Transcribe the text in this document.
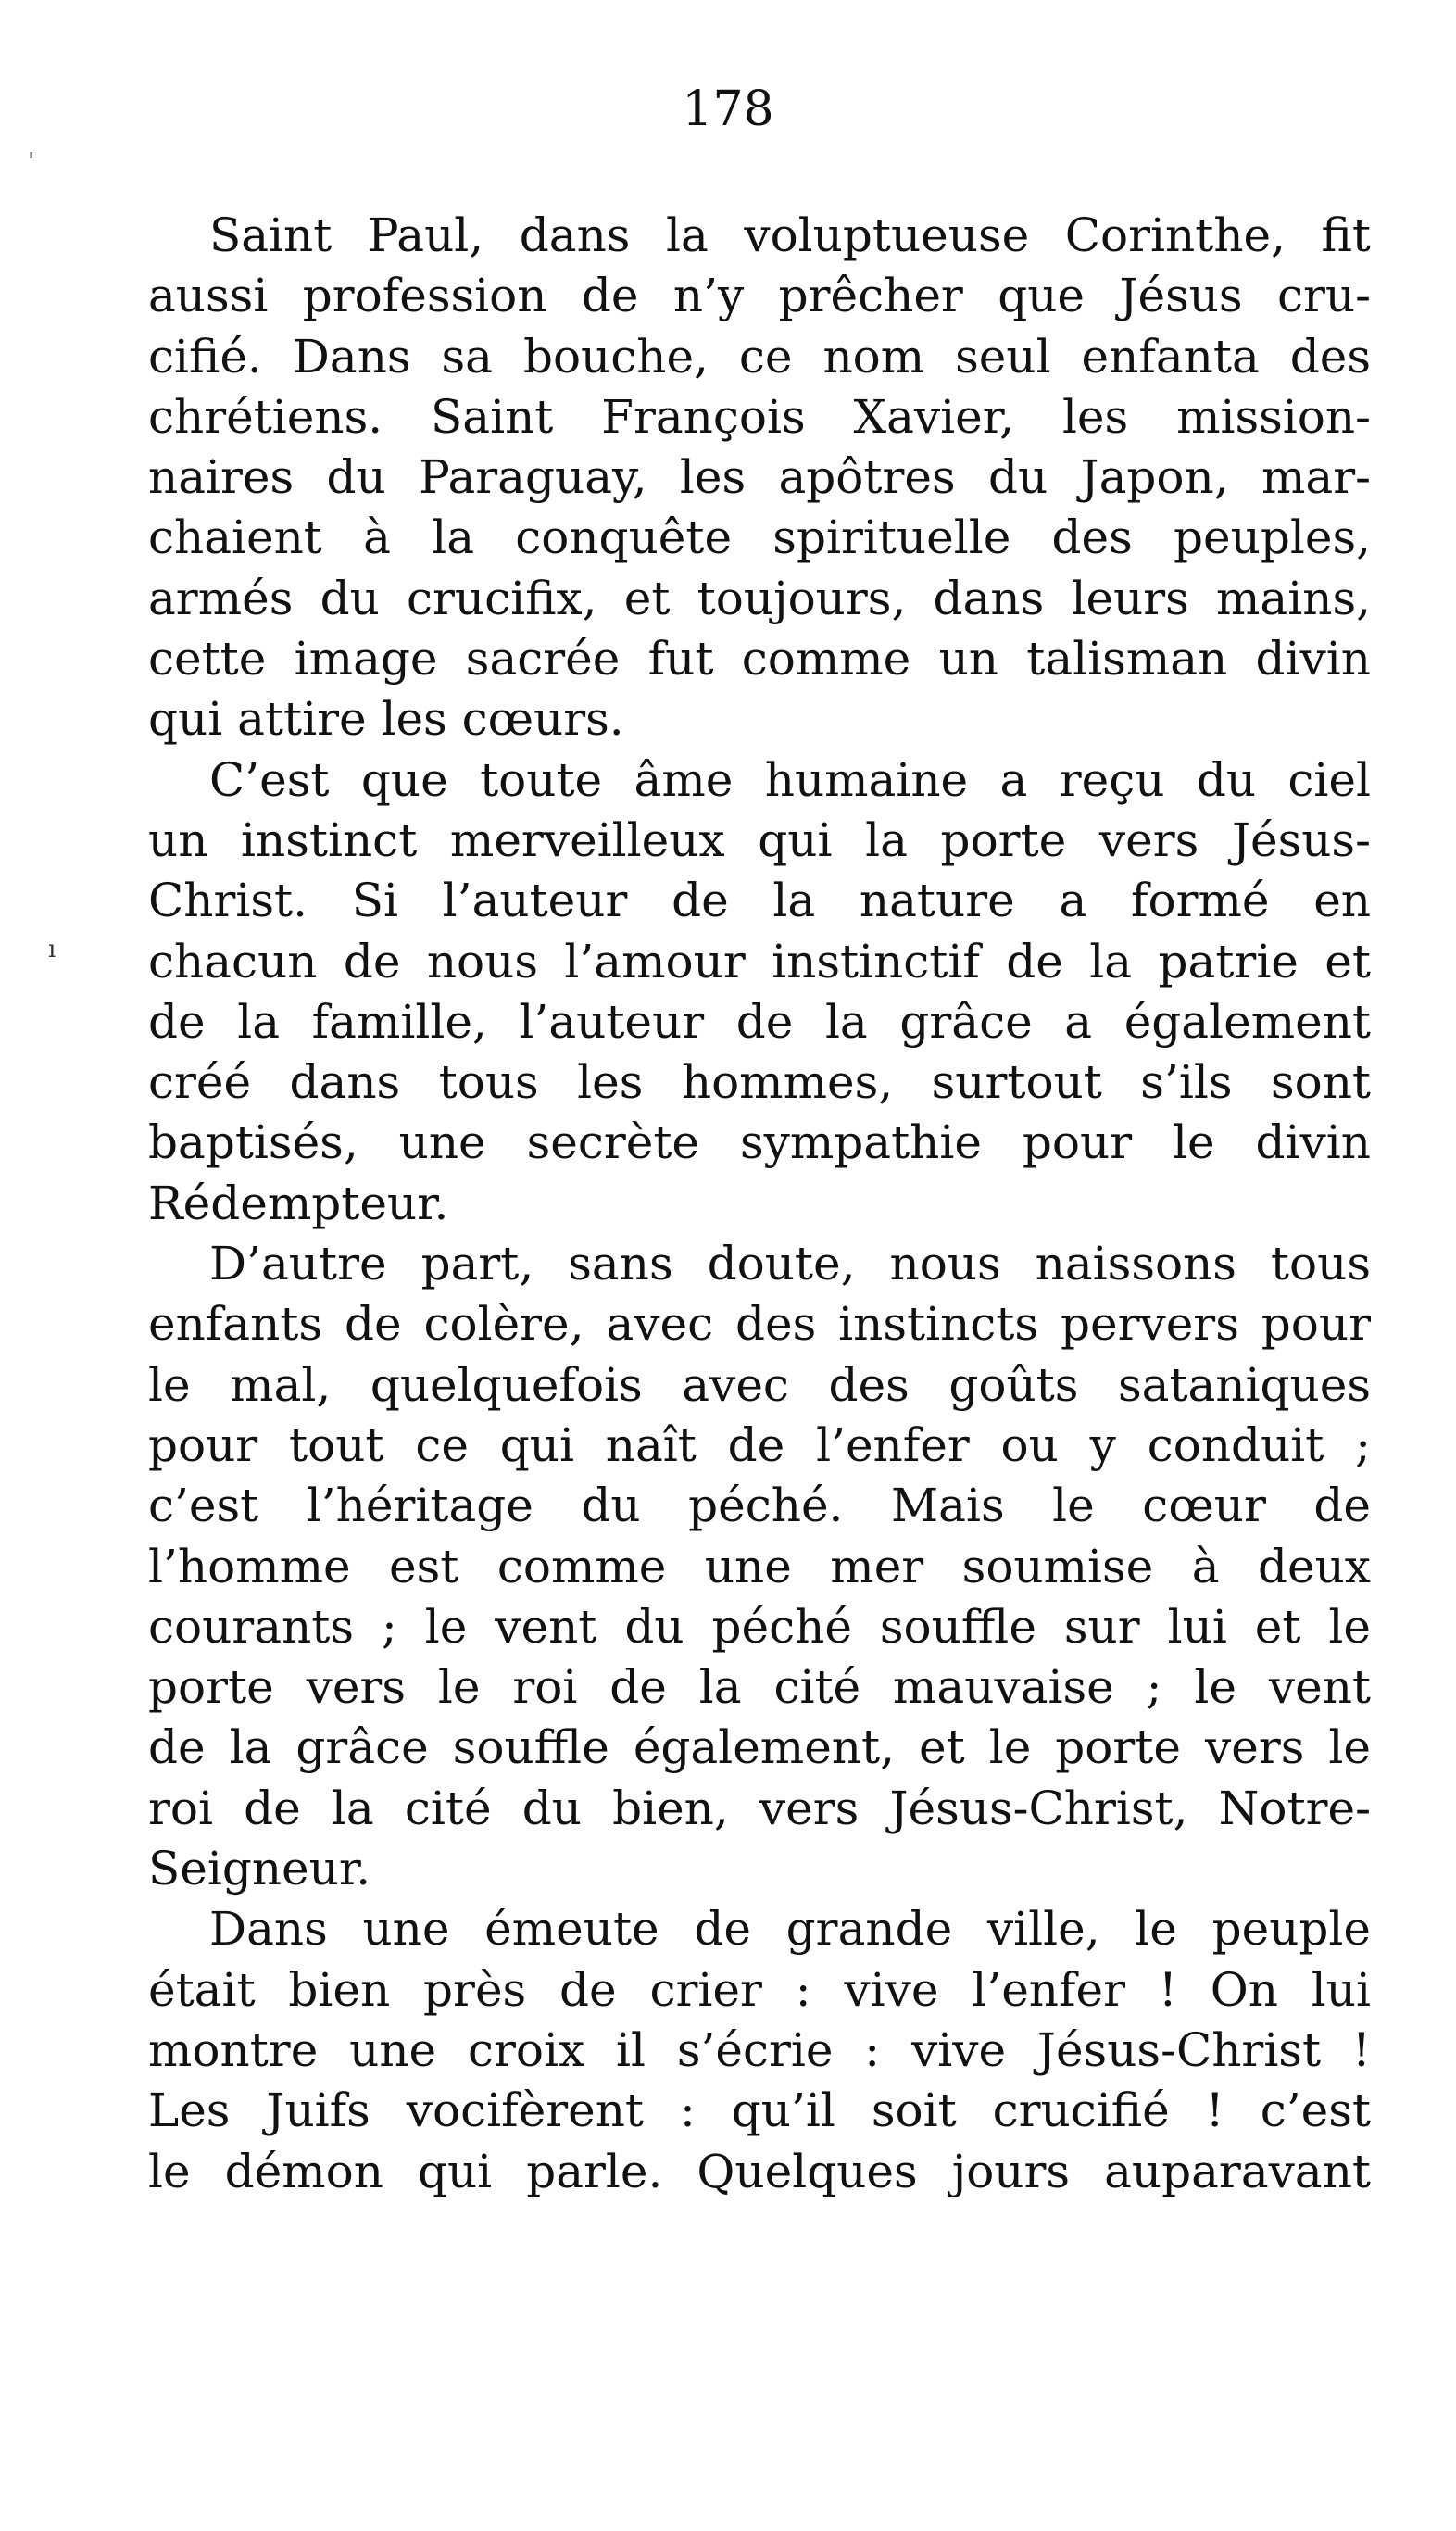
178
'
ı
Saint Paul, dans la voluptueuse Corinthe, fit
aussi profession de n’y prêcher que Jésus cru-
cifié. Dans sa bouche, ce nom seul enfanta des
chrétiens. Saint François Xavier, les mission-
naires du Paraguay, les apôtres du Japon, mar-
chaient à la conquête spirituelle des peuples,
armés du crucifix, et toujours, dans leurs mains,
cette image sacrée fut comme un talisman divin
qui attire les cœurs.
C’est que toute âme humaine a reçu du ciel
un instinct merveilleux qui la porte vers Jésus-
Christ. Si l’auteur de la nature a formé en
chacun de nous l’amour instinctif de la patrie et
de la famille, l’auteur de la grâce a également
créé dans tous les hommes, surtout s’ils sont
baptisés, une secrète sympathie pour le divin
Rédempteur.
D’autre part, sans doute, nous naissons tous
enfants de colère, avec des instincts pervers pour
le mal, quelquefois avec des goûts sataniques
pour tout ce qui naît de l’enfer ou y conduit ;
c’est l’héritage du péché. Mais le cœur de
l’homme est comme une mer soumise à deux
courants ; le vent du péché souffle sur lui et le
porte vers le roi de la cité mauvaise ; le vent
de la grâce souffle également, et le porte vers le
roi de la cité du bien, vers Jésus-Christ, Notre-
Seigneur.
Dans une émeute de grande ville, le peuple
était bien près de crier : vive l’enfer ! On lui
montre une croix il s’écrie : vive Jésus-Christ !
Les Juifs vocifèrent : qu’il soit crucifié ! c’est
le démon qui parle. Quelques jours auparavant
